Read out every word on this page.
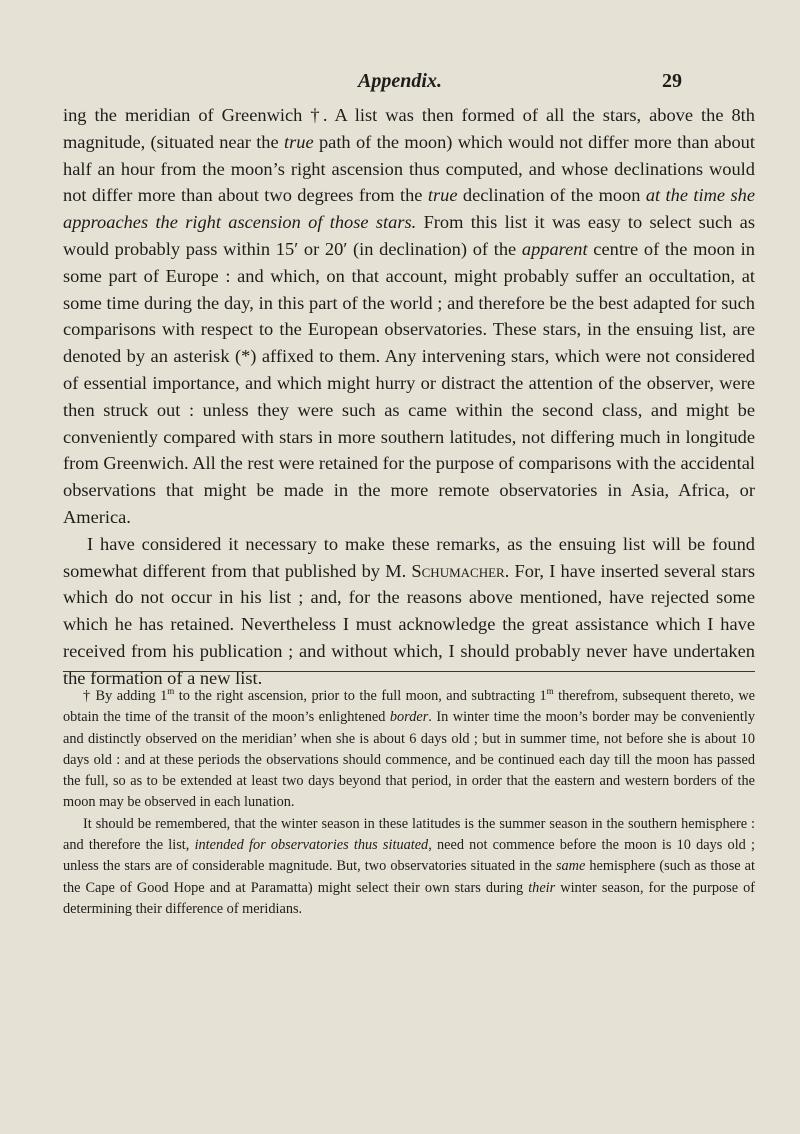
Appendix.	29

ing the meridian of Greenwich †. A list was then formed of all the stars, above the 8th magnitude, (situated near the true path of the moon) which would not differ more than about half an hour from the moon’s right ascension thus computed, and whose declinations would not differ more than about two degrees from the true declination of the moon at the time she approaches the right ascension of those stars. From this list it was easy to select such as would probably pass within 15′ or 20′ (in declination) of the apparent centre of the moon in some part of Europe : and which, on that account, might probably suffer an occultation, at some time during the day, in this part of the world ; and therefore be the best adapted for such comparisons with respect to the European observatories. These stars, in the ensuing list, are denoted by an asterisk (*) affixed to them. Any intervening stars, which were not considered of essential importance, and which might hurry or distract the attention of the observer, were then struck out : unless they were such as came within the second class, and might be conveniently compared with stars in more southern latitudes, not differing much in longitude from Greenwich. All the rest were retained for the purpose of comparisons with the accidental observations that might be made in the more remote observatories in Asia, Africa, or America.

I have considered it necessary to make these remarks, as the ensuing list will be found somewhat different from that published by M. Schumacher. For, I have inserted several stars which do not occur in his list ; and, for the reasons above mentioned, have rejected some which he has retained. Nevertheless I must acknowledge the great assistance which I have received from his publication ; and without which, I should probably never have undertaken the formation of a new list.

† By adding 1$^m$ to the right ascension, prior to the full moon, and subtracting 1$^m$ therefrom, subsequent thereto, we obtain the time of the transit of the moon’s enlightened border. In winter time the moon’s border may be conveniently and distinctly observed on the meridian’ when she is about 6 days old ; but in summer time, not before she is about 10 days old : and at these periods the observations should commence, and be continued each day till the moon has passed the full, so as to be extended at least two days beyond that period, in order that the eastern and western borders of the moon may be observed in each lunation.

It should be remembered, that the winter season in these latitudes is the summer season in the southern hemisphere : and therefore the list, intended for observatories thus situated, need not commence before the moon is 10 days old ; unless the stars are of considerable magnitude. But, two observatories situated in the same hemisphere (such as those at the Cape of Good Hope and at Paramatta) might select their own stars during their winter season, for the purpose of determining their difference of meridians.
